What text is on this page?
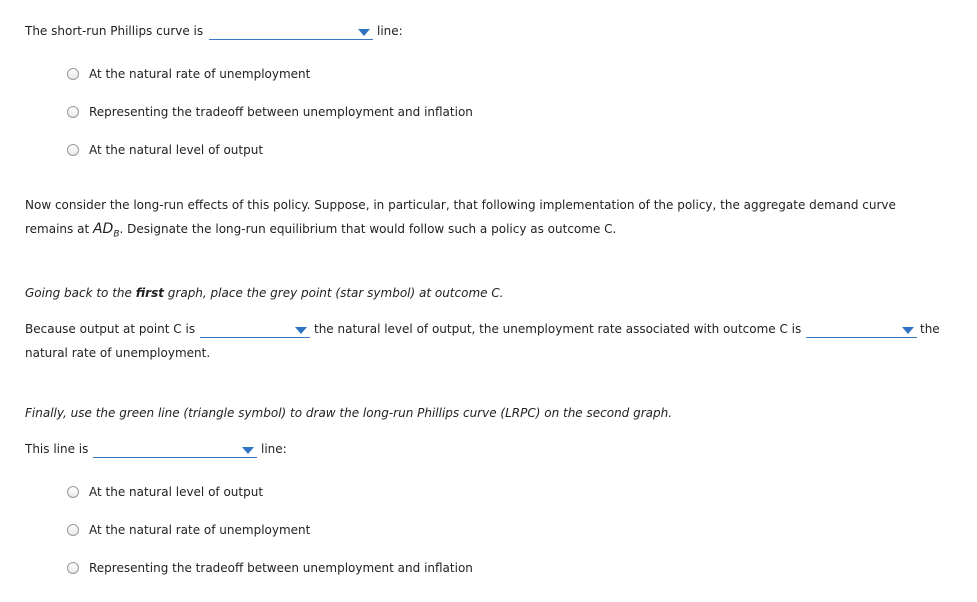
The short-run Phillips curve is	line:
At the natural rate of unemployment
Representing the tradeoff between unemployment and inflation
At the natural level of output
Now consider the long-run effects of this policy. Suppose, in particular, that following implementation of the policy, the aggregate demand curve
remains at $AD_B$. Designate the long-run equilibrium that would follow such a policy as outcome C.
Going back to the first graph, place the grey point (star symbol) at outcome C.
Because output at point C is	the natural level of output, the unemployment rate associated with outcome C is	the
natural rate of unemployment.
Finally, use the green line (triangle symbol) to draw the long-run Phillips curve (LRPC) on the second graph.
This line is	line:
At the natural level of output
At the natural rate of unemployment
Representing the tradeoff between unemployment and inflation
